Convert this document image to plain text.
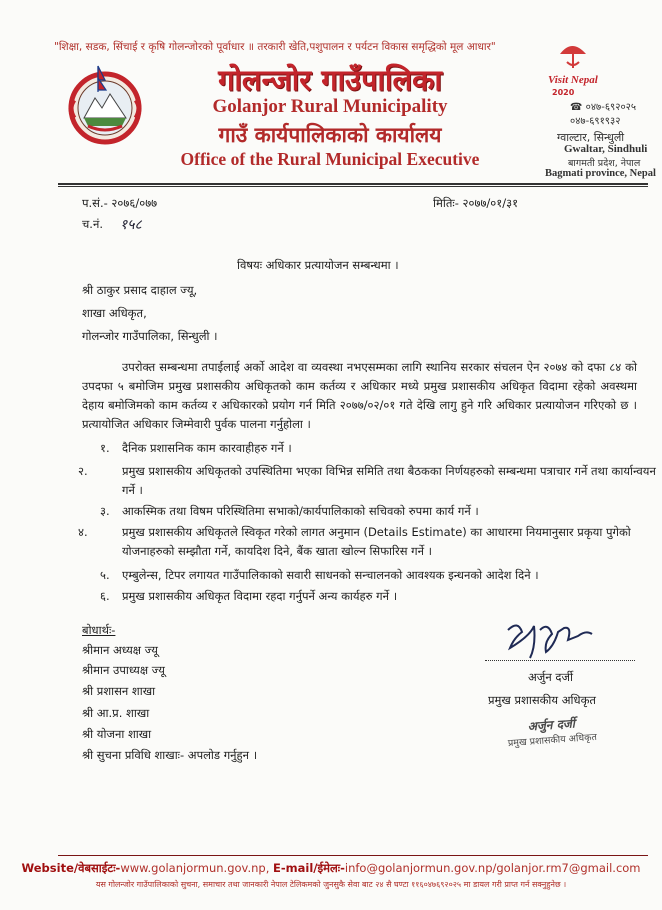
"शिक्षा, सडक, सिंचाई र कृषि गोलन्जोरको पूर्वाधार ॥ तरकारी खेति,पशुपालन र पर्यटन विकास समृद्धिको मूल आधार"
गोलन्जोर गाउँपालिका
Golanjor Rural Municipality
गाउँ कार्यपालिकाको कार्यालय
Office of the Rural Municipal Executive
Visit Nepal
2020
☎ ०४७-६९२०२५
०४७-६९१९३२
ग्वाल्टार, सिन्धुली
Gwaltar, Sindhuli
बागमती प्रदेश, नेपाल
Bagmati province, Nepal
प.सं.- २०७६/०७७
च.नं. १५८
मितिः- २०७७/०१/३१
विषयः अधिकार प्रत्यायोजन सम्बन्धमा ।
श्री ठाकुर प्रसाद दाहाल ज्यू,
शाखा अधिकृत,
गोलन्जोर गाउँपालिका, सिन्धुली ।
उपरोक्त सम्बन्धमा तपाईलाई अर्को आदेश वा व्यवस्था नभएसम्मका लागि स्थानिय सरकार संचलन ऐन २०७४ को दफा ८४ को उपदफा ५ बमोजिम प्रमुख प्रशासकीय अधिकृतको काम कर्तव्य र अधिकार मध्ये प्रमुख प्रशासकीय अधिकृत विदामा रहेको अवस्थमा देहाय बमोजिमको काम कर्तव्य र अधिकारको प्रयोग गर्न मिति २०७७/०२/०१ गते देखि लागु हुने गरि अधिकार प्रत्यायोजन गरिएको छ । प्रत्यायोजित अधिकार जिम्मेवारी पुर्वक पालना गर्नुहोला ।
१. दैनिक प्रशासनिक काम कारवाहीहरु गर्ने ।
२.	प्रमुख प्रशासकीय अधिकृतको उपस्थितिमा भएका विभिन्न समिति तथा बैठकका निर्णयहरुको सम्बन्धमा पत्राचार गर्ने तथा कार्यान्वयन गर्ने ।
३. आकस्मिक तथा विषम परिस्थितिमा सभाको/कार्यपालिकाको सचिवको रुपमा कार्य गर्ने ।
४.	प्रमुख प्रशासकीय अधिकृतले स्विकृत गरेको लागत अनुमान (Details Estimate) का आधारमा नियमानुसार प्रकृया पुगेको योजनाहरुको सम्झौता गर्ने, कायदिश दिने, बैंक खाता खोल्न सिफारिस गर्ने ।
५. एम्बुलेन्स, टिपर लगायत गाउँपालिकाको सवारी साधनको सन्चालनको आवश्यक इन्धनको आदेश दिने ।
६. प्रमुख प्रशासकीय अधिकृत विदामा रहदा गर्नुपर्ने अन्य कार्यहरु गर्ने ।
बोधार्थः-
श्रीमान अध्यक्ष ज्यू
श्रीमान उपाध्यक्ष ज्यू
श्री प्रशासन शाखा
श्री आ.प्र. शाखा
श्री योजना शाखा
श्री सुचना प्रविधि शाखाः- अपलोड गर्नुहुन ।
अर्जुन दर्जी
प्रमुख प्रशासकीय अधिकृत
अर्जुन दर्जी
प्रमुख प्रशासकीय अधिकृत
Website/वेबसाईटः-www.golanjormun.gov.np, E-mail/ईमेलः-info@golanjormun.gov.np/golanjor.rm7@gmail.com
यस गोलन्जोर गाउँपालिकाको सुचना, समाचार तथा जानकारी नेपाल टेलिकमको जुनसुकै सेवा बाट २४ सै घण्टा ११६०४७६९२०२५ मा डायल गरी प्राप्त गर्न सक्नुहुनेछ ।
